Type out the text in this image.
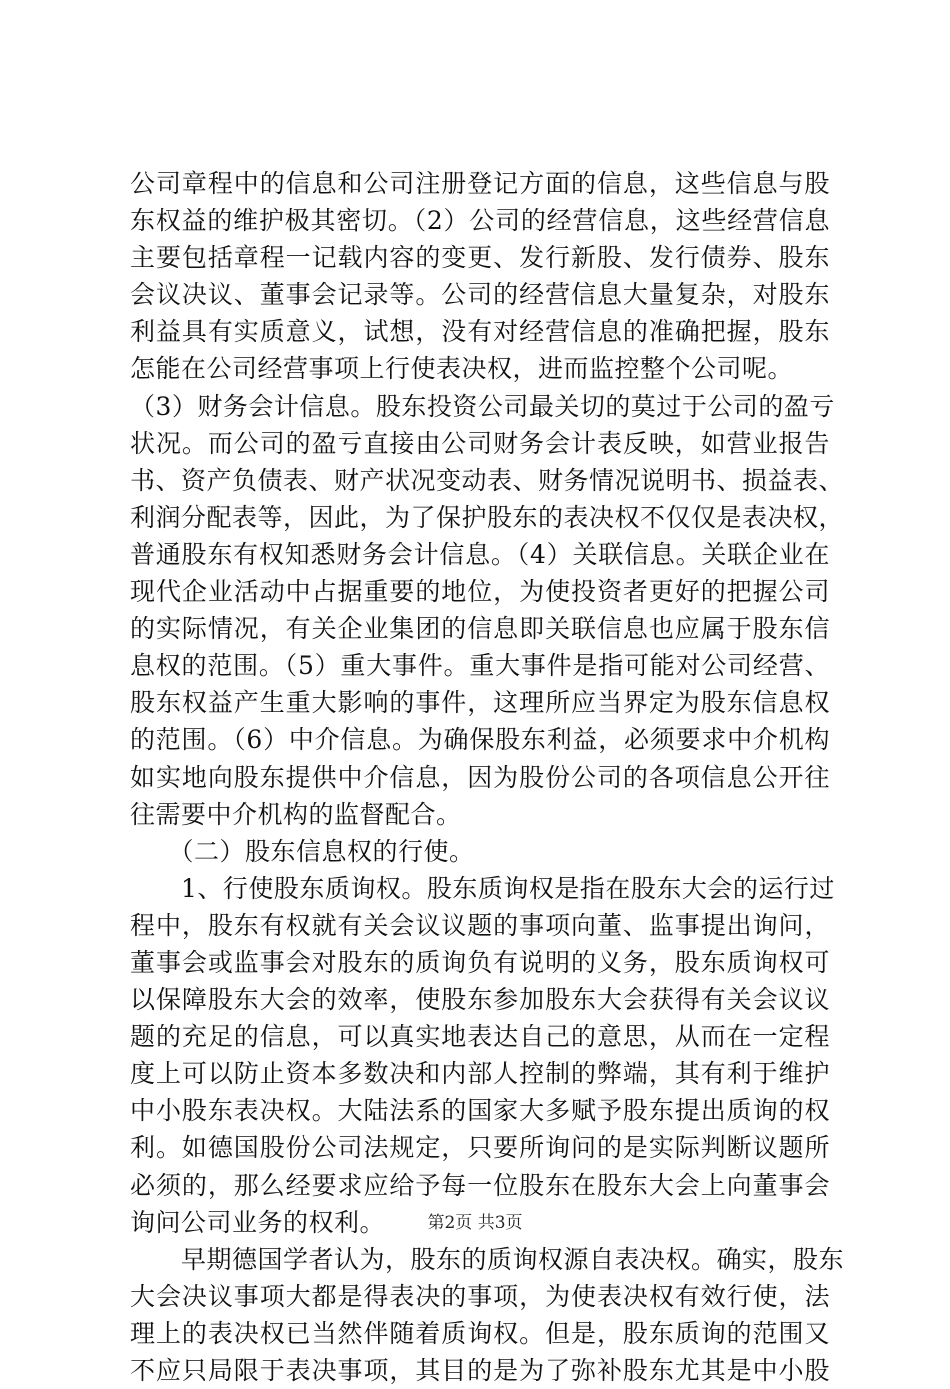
公司章程中的信息和公司注册登记方面的信息，这些信息与股
东权益的维护极其密切。（2）公司的经营信息，这些经营信息
主要包括章程一记载内容的变更、发行新股、发行债券、股东
会议决议、董事会记录等。公司的经营信息大量复杂，对股东
利益具有实质意义，试想，没有对经营信息的准确把握，股东
怎能在公司经营事项上行使表决权，进而监控整个公司呢。
（3）财务会计信息。股东投资公司最关切的莫过于公司的盈亏
状况。而公司的盈亏直接由公司财务会计表反映，如营业报告
书、资产负债表、财产状况变动表、财务情况说明书、损益表、
利润分配表等，因此，为了保护股东的表决权不仅仅是表决权，
普通股东有权知悉财务会计信息。（4）关联信息。关联企业在
现代企业活动中占据重要的地位，为使投资者更好的把握公司
的实际情况，有关企业集团的信息即关联信息也应属于股东信
息权的范围。（5）重大事件。重大事件是指可能对公司经营、
股东权益产生重大影响的事件，这理所应当界定为股东信息权
的范围。（6）中介信息。为确保股东利益，必须要求中介机构
如实地向股东提供中介信息，因为股份公司的各项信息公开往
往需要中介机构的监督配合。
　　（二）股东信息权的行使。
　　1、行使股东质询权。股东质询权是指在股东大会的运行过
程中，股东有权就有关会议议题的事项向董、监事提出询问，
董事会或监事会对股东的质询负有说明的义务，股东质询权可
以保障股东大会的效率，使股东参加股东大会获得有关会议议
题的充足的信息，可以真实地表达自己的意思，从而在一定程
度上可以防止资本多数决和内部人控制的弊端，其有利于维护
中小股东表决权。大陆法系的国家大多赋予股东提出质询的权
利。如德国股份公司法规定，只要所询问的是实际判断议题所
必须的，那么经要求应给予每一位股东在股东大会上向董事会
询问公司业务的权利。
　　早期德国学者认为，股东的质询权源自表决权。确实，股东
大会决议事项大都是得表决的事项，为使表决权有效行使，法
理上的表决权已当然伴随着质询权。但是，股东质询的范围又
不应只局限于表决事项，其目的是为了弥补股东尤其是中小股
第2页 共3页
